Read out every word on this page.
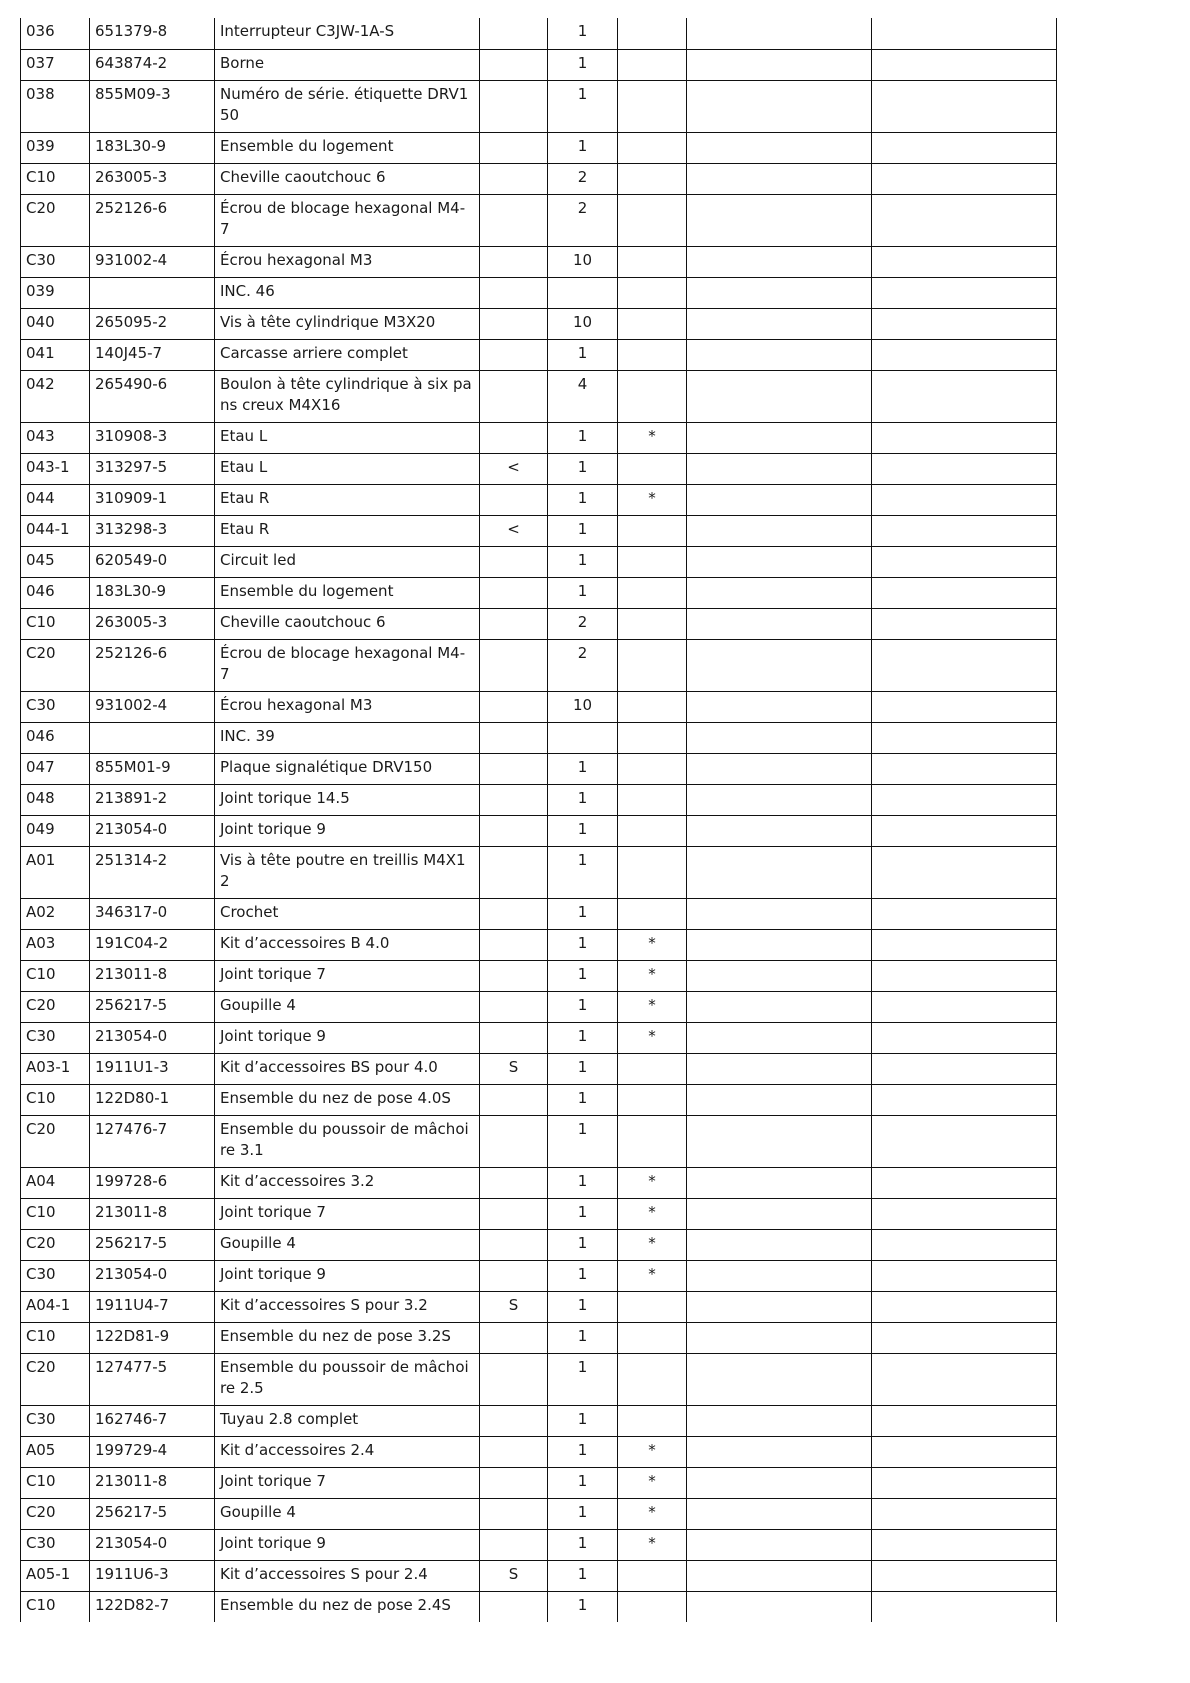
036	651379-8	Interrupteur C3JW-1A-S		1			
037	643874-2	Borne		1			
038	855M09-3	Numéro de série. étiquette DRV150		1			
039	183L30-9	Ensemble du logement		1			
C10	263005-3	Cheville caoutchouc 6		2			
C20	252126-6	Écrou de blocage hexagonal M4-7		2			
C30	931002-4	Écrou hexagonal M3		10			
039		INC. 46					
040	265095-2	Vis à tête cylindrique M3X20		10			
041	140J45-7	Carcasse arriere complet		1			
042	265490-6	Boulon à tête cylindrique à six pans creux M4X16		4			
043	310908-3	Etau L		1	*		
043-1	313297-5	Etau L	<	1			
044	310909-1	Etau R		1	*		
044-1	313298-3	Etau R	<	1			
045	620549-0	Circuit led		1			
046	183L30-9	Ensemble du logement		1			
C10	263005-3	Cheville caoutchouc 6		2			
C20	252126-6	Écrou de blocage hexagonal M4-7		2			
C30	931002-4	Écrou hexagonal M3		10			
046		INC. 39					
047	855M01-9	Plaque signalétique DRV150		1			
048	213891-2	Joint torique 14.5		1			
049	213054-0	Joint torique 9		1			
A01	251314-2	Vis à tête poutre en treillis M4X12		1			
A02	346317-0	Crochet		1			
A03	191C04-2	Kit d’accessoires B 4.0		1	*		
C10	213011-8	Joint torique 7		1	*		
C20	256217-5	Goupille 4		1	*		
C30	213054-0	Joint torique 9		1	*		
A03-1	1911U1-3	Kit d’accessoires BS pour 4.0	S	1			
C10	122D80-1	Ensemble du nez de pose 4.0S		1			
C20	127476-7	Ensemble du poussoir de mâchoire 3.1		1			
A04	199728-6	Kit d’accessoires 3.2		1	*		
C10	213011-8	Joint torique 7		1	*		
C20	256217-5	Goupille 4		1	*		
C30	213054-0	Joint torique 9		1	*		
A04-1	1911U4-7	Kit d’accessoires S pour 3.2	S	1			
C10	122D81-9	Ensemble du nez de pose 3.2S		1			
C20	127477-5	Ensemble du poussoir de mâchoire 2.5		1			
C30	162746-7	Tuyau 2.8 complet		1			
A05	199729-4	Kit d’accessoires 2.4		1	*		
C10	213011-8	Joint torique 7		1	*		
C20	256217-5	Goupille 4		1	*		
C30	213054-0	Joint torique 9		1	*		
A05-1	1911U6-3	Kit d’accessoires S pour 2.4	S	1			
C10	122D82-7	Ensemble du nez de pose 2.4S		1			
